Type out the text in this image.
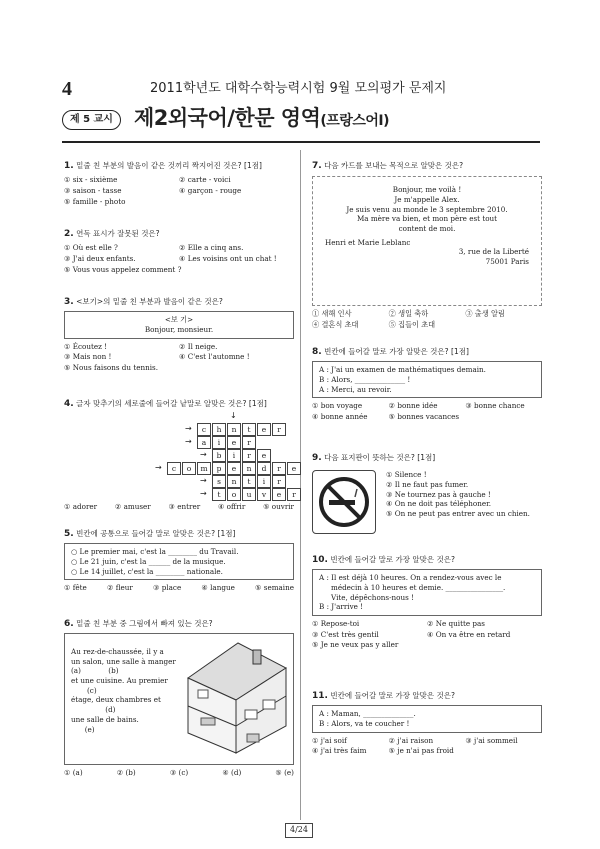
4	2011학년도 대학수학능력시험 9월 모의평가 문제지
제 5 교시	제2외국어/한문 영역(프랑스어Ⅰ)
1. 밑줄 친 부분의 발음이 같은 것끼리 짝지어진 것은? [1점]
① six - sixième	② carte - voici
③ saison - tasse	④ garçon - rouge
⑤ famille - photo
2. 연독 표시가 잘못된 것은?
① Où est elle ?	② Elle a cinq ans.
③ J'ai deux enfants.	④ Les voisins ont un chat !
⑤ Vous vous appelez comment ?
3. <보기>의 밑줄 친 부분과 발음이 같은 것은?
<보 기>
Bonjour, monsieur.
① Écoutez !	② Il neige.
③ Mais non !	④ C'est l'automne !
⑤ Nous faisons du tennis.
4. 글자 맞추기의 세로줄에 들어갈 낱말로 알맞은 것은? [1점]
↓
→	c	h	n	t	e	r
→	a	i	e	r
→	b	i	r	e
→	c	o	m	p	e	n	d	r	e
→	s	n	t	i	r
→	t	o	u	v	e	r
① adorer ② amuser ③ entrer ④ offrir ⑤ ouvrir
5. 빈칸에 공통으로 들어갈 말로 알맞은 것은? [1점]
○ Le premier mai, c'est la ________ du Travail.
○ Le 21 juin, c'est la ______ de la musique.
○ Le 14 juillet, c'est la ________ nationale.
① fête	② fleur	③ place	④ langue	⑤ semaine
6. 밑줄 친 부분 중 그림에서 빠져 있는 것은?

Au rez-de-chaussée, il y a
un salon, une salle à manger
(a)            (b)
et une cuisine. Au premier
(c)
étage, deux chambres et
(d)
une salle de bains.
(e)

① (a)	② (b)	③ (c)	④ (d)	⑤ (e)
7. 다음 카드를 보내는 목적으로 알맞은 것은?
Bonjour, me voilà !
Je m'appelle Alex.
Je suis venu au monde le 3 septembre 2010.
Ma mère va bien, et mon père est tout
content de moi.
Henri et Marie Leblanc
3, rue de la Liberté
75001 Paris
① 새해 인사	② 생일 축하	③ 출생 알림
④ 결혼식 초대	⑤ 집들이 초대
8. 빈칸에 들어갈 말로 가장 알맞은 것은? [1점]
A : J'ai un examen de mathématiques demain.
B : Alors, ______________ !
A : Merci, au revoir.
① bon voyage	② bonne idée	③ bonne chance
④ bonne année	⑤ bonnes vacances
9. 다음 표지판이 뜻하는 것은? [1점]
① Silence !
② Il ne faut pas fumer.
③ Ne tournez pas à gauche !
④ On ne doit pas téléphoner.
⑤ On ne peut pas entrer avec un chien.
10. 빈칸에 들어갈 말로 가장 알맞은 것은?
A : Il est déjà 10 heures. On a rendez-vous avec le
médecin à 10 heures et demie. ________________.
Vite, dépêchons-nous !
B : J'arrive !
① Repose-toi	② Ne quitte pas
③ C'est très gentil	④ On va être en retard
⑤ Je ne veux pas y aller
11. 빈칸에 들어갈 말로 가장 알맞은 것은?
A : Maman, ______________.
B : Alors, va te coucher !
① j'ai soif	② j'ai raison	③ j'ai sommeil
④ j'ai très faim	⑤ je n'ai pas froid
4/24
